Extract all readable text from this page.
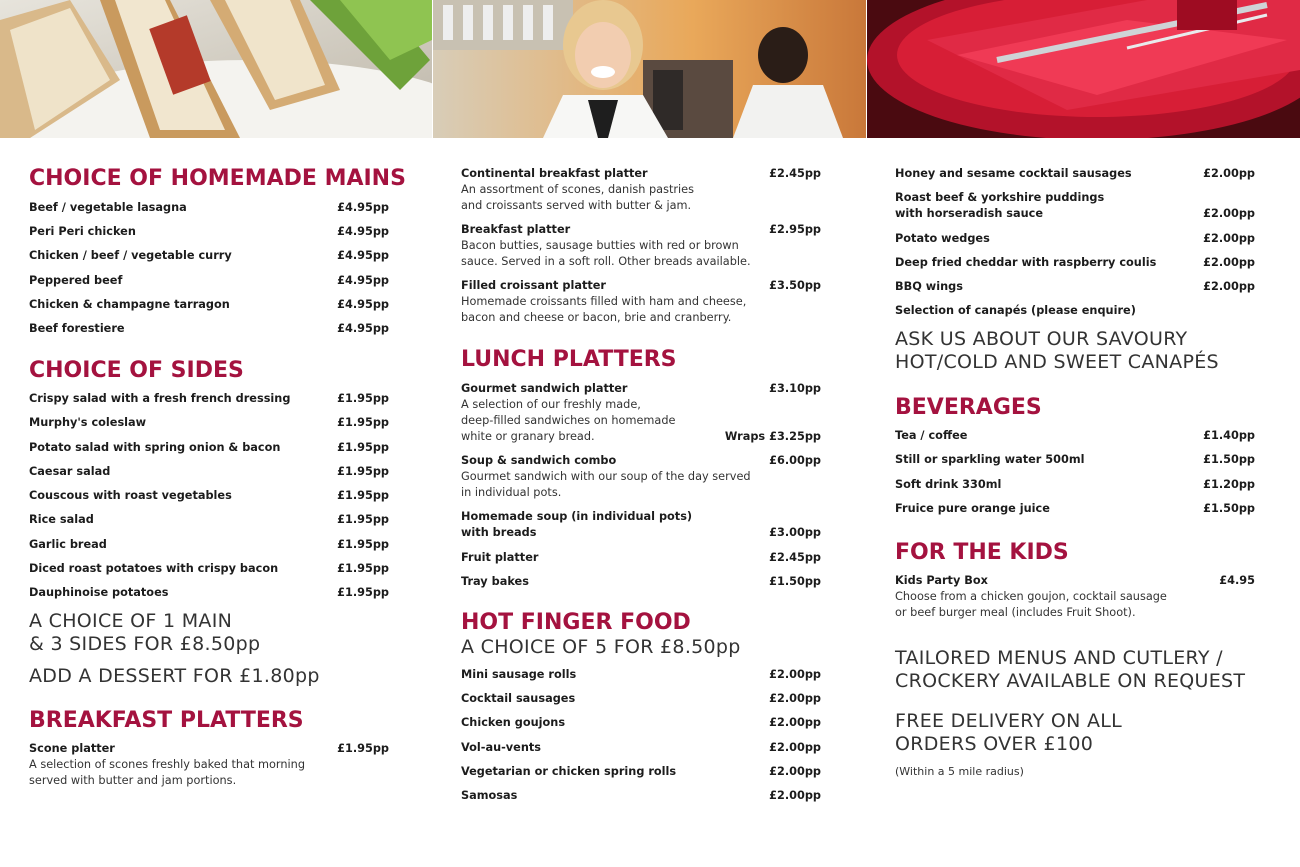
CHOICE OF HOMEMADE MAINS
Beef / vegetable lasagna	£4.95pp
Peri Peri chicken	£4.95pp
Chicken / beef / vegetable curry	£4.95pp
Peppered beef	£4.95pp
Chicken & champagne tarragon	£4.95pp
Beef forestiere	£4.95pp
CHOICE OF SIDES
Crispy salad with a fresh french dressing	£1.95pp
Murphy's coleslaw	£1.95pp
Potato salad with spring onion & bacon	£1.95pp
Caesar salad	£1.95pp
Couscous with roast vegetables	£1.95pp
Rice salad	£1.95pp
Garlic bread	£1.95pp
Diced roast potatoes with crispy bacon	£1.95pp
Dauphinoise potatoes	£1.95pp
A CHOICE OF 1 MAIN
& 3 SIDES FOR £8.50pp
ADD A DESSERT FOR £1.80pp
BREAKFAST PLATTERS
Scone platter	£1.95pp
A selection of scones freshly baked that morning
served with butter and jam portions.
Continental breakfast platter	£2.45pp
An assortment of scones, danish pastries
and croissants served with butter & jam.
Breakfast platter	£2.95pp
Bacon butties, sausage butties with red or brown
sauce. Served in a soft roll. Other breads available.
Filled croissant platter	£3.50pp
Homemade croissants filled with ham and cheese,
bacon and cheese or bacon, brie and cranberry.
LUNCH PLATTERS
Gourmet sandwich platter	£3.10pp
A selection of our freshly made,
deep-filled sandwiches on homemade
white or granary bread.	Wraps £3.25pp
Soup & sandwich combo	£6.00pp
Gourmet sandwich with our soup of the day served
in individual pots.
Homemade soup (in individual pots)
with breads	£3.00pp
Fruit platter	£2.45pp
Tray bakes	£1.50pp
HOT FINGER FOOD
A CHOICE OF 5 FOR £8.50pp
Mini sausage rolls	£2.00pp
Cocktail sausages	£2.00pp
Chicken goujons	£2.00pp
Vol-au-vents	£2.00pp
Vegetarian or chicken spring rolls	£2.00pp
Samosas	£2.00pp
Honey and sesame cocktail sausages	£2.00pp
Roast beef & yorkshire puddings
with horseradish sauce	£2.00pp
Potato wedges	£2.00pp
Deep fried cheddar with raspberry coulis	£2.00pp
BBQ wings	£2.00pp
Selection of canapés (please enquire)
ASK US ABOUT OUR SAVOURY
HOT/COLD AND SWEET CANAPÉS
BEVERAGES
Tea / coffee	£1.40pp
Still or sparkling water 500ml	£1.50pp
Soft drink 330ml	£1.20pp
Fruice pure orange juice	£1.50pp
FOR THE KIDS
Kids Party Box	£4.95
Choose from a chicken goujon, cocktail sausage
or beef burger meal (includes Fruit Shoot).
TAILORED MENUS AND CUTLERY /
CROCKERY AVAILABLE ON REQUEST
FREE DELIVERY ON ALL
ORDERS OVER £100
(Within a 5 mile radius)
